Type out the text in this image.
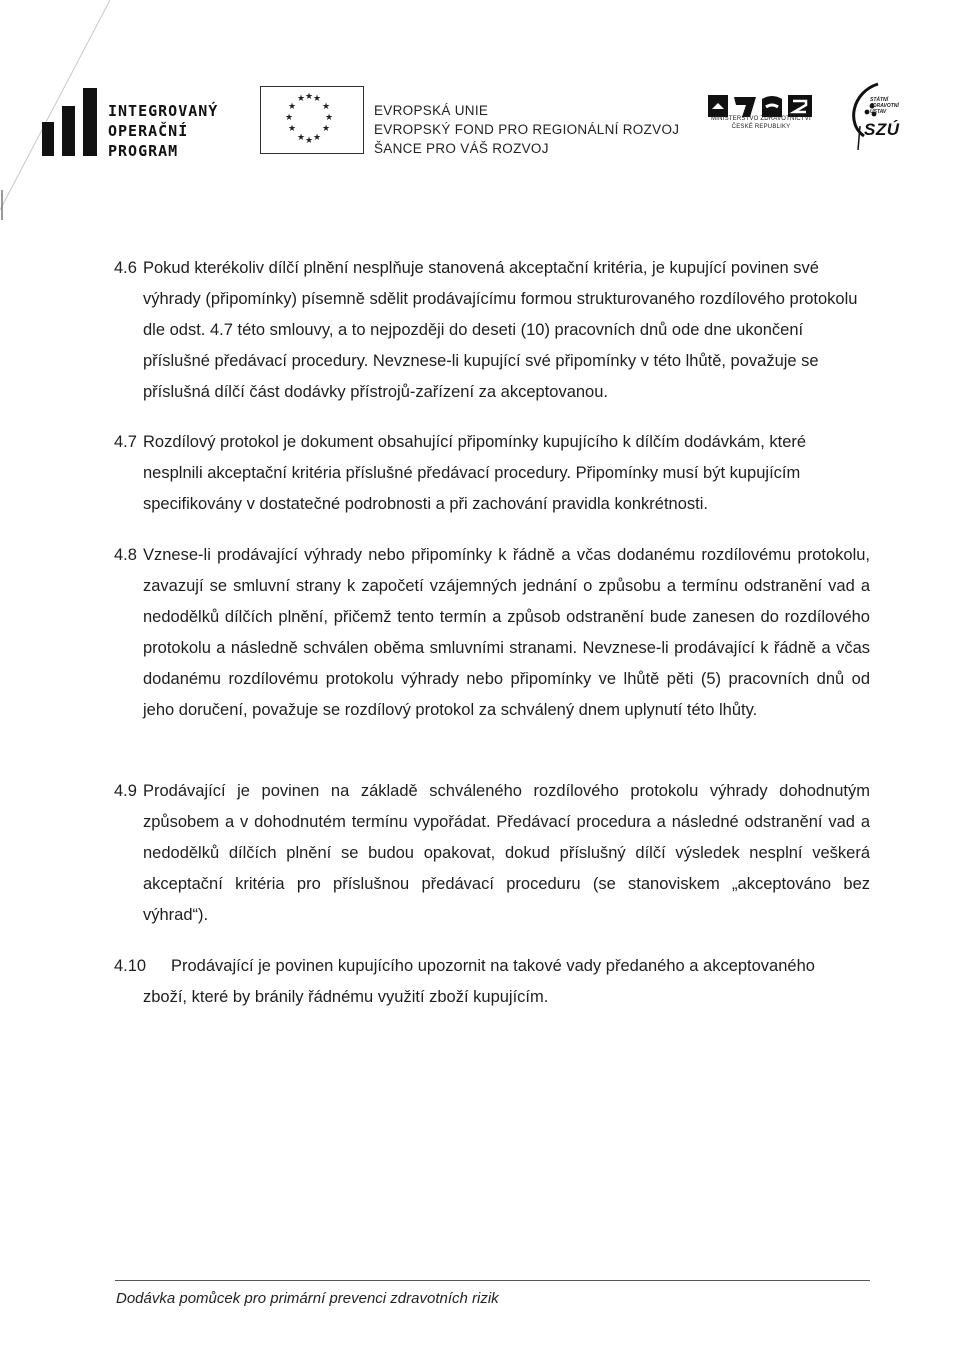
INTEGROVANÝ
OPERAČNÍ
PROGRAM
★ ★ ★
★	★
★	★
★	★
★ ★ ★
EVROPSKÁ UNIE
EVROPSKÝ FOND PRO REGIONÁLNÍ ROZVOJ
ŠANCE PRO VÁŠ ROZVOJ
MINISTERSTVO ZDRAVOTNICTVÍ
ČESKÉ REPUBLIKY
STÁTNÍ
ZDRAVOTNÍ
ÚSTAV
SZÚ
4.6 Pokud kterékoliv dílčí plnění nesplňuje stanovená akceptační kritéria, je kupující povinen své výhrady (připomínky) písemně sdělit prodávajícímu formou strukturovaného rozdílového protokolu dle odst. 4.7 této smlouvy, a to nejpozději do deseti (10) pracovních dnů ode dne ukončení příslušné předávací procedury. Nevznese-li kupující své připomínky v této lhůtě, považuje se příslušná dílčí část dodávky přístrojů-zařízení za akceptovanou.
4.7 Rozdílový protokol je dokument obsahující připomínky kupujícího k dílčím dodávkám, které nesplnili akceptační kritéria příslušné předávací procedury. Připomínky musí být kupujícím specifikovány v dostatečné podrobnosti a při zachování pravidla konkrétnosti.
4.8 Vznese-li prodávající výhrady nebo připomínky k řádně a včas dodanému rozdílovému protokolu, zavazují se smluvní strany k započetí vzájemných jednání o způsobu a termínu odstranění vad a nedodělků dílčích plnění, přičemž tento termín a způsob odstranění bude zanesen do rozdílového protokolu a následně schválen oběma smluvními stranami. Nevznese-li prodávající k řádně a včas dodanému rozdílovému protokolu výhrady nebo připomínky ve lhůtě pěti (5) pracovních dnů od jeho doručení, považuje se rozdílový protokol za schválený dnem uplynutí této lhůty.
4.9 Prodávající je povinen na základě schváleného rozdílového protokolu výhrady dohodnutým způsobem a v dohodnutém termínu vypořádat. Předávací procedura a následné odstranění vad a nedodělků dílčích plnění se budou opakovat, dokud příslušný dílčí výsledek nesplní veškerá akceptační kritéria pro příslušnou předávací proceduru (se stanoviskem „akceptováno bez výhrad“).
4.10 Prodávající je povinen kupujícího upozornit na takové vady předaného a akceptovaného
zboží, které by bránily řádnému využití zboží kupujícím.
Dodávka pomůcek pro primární prevenci zdravotních rizik
